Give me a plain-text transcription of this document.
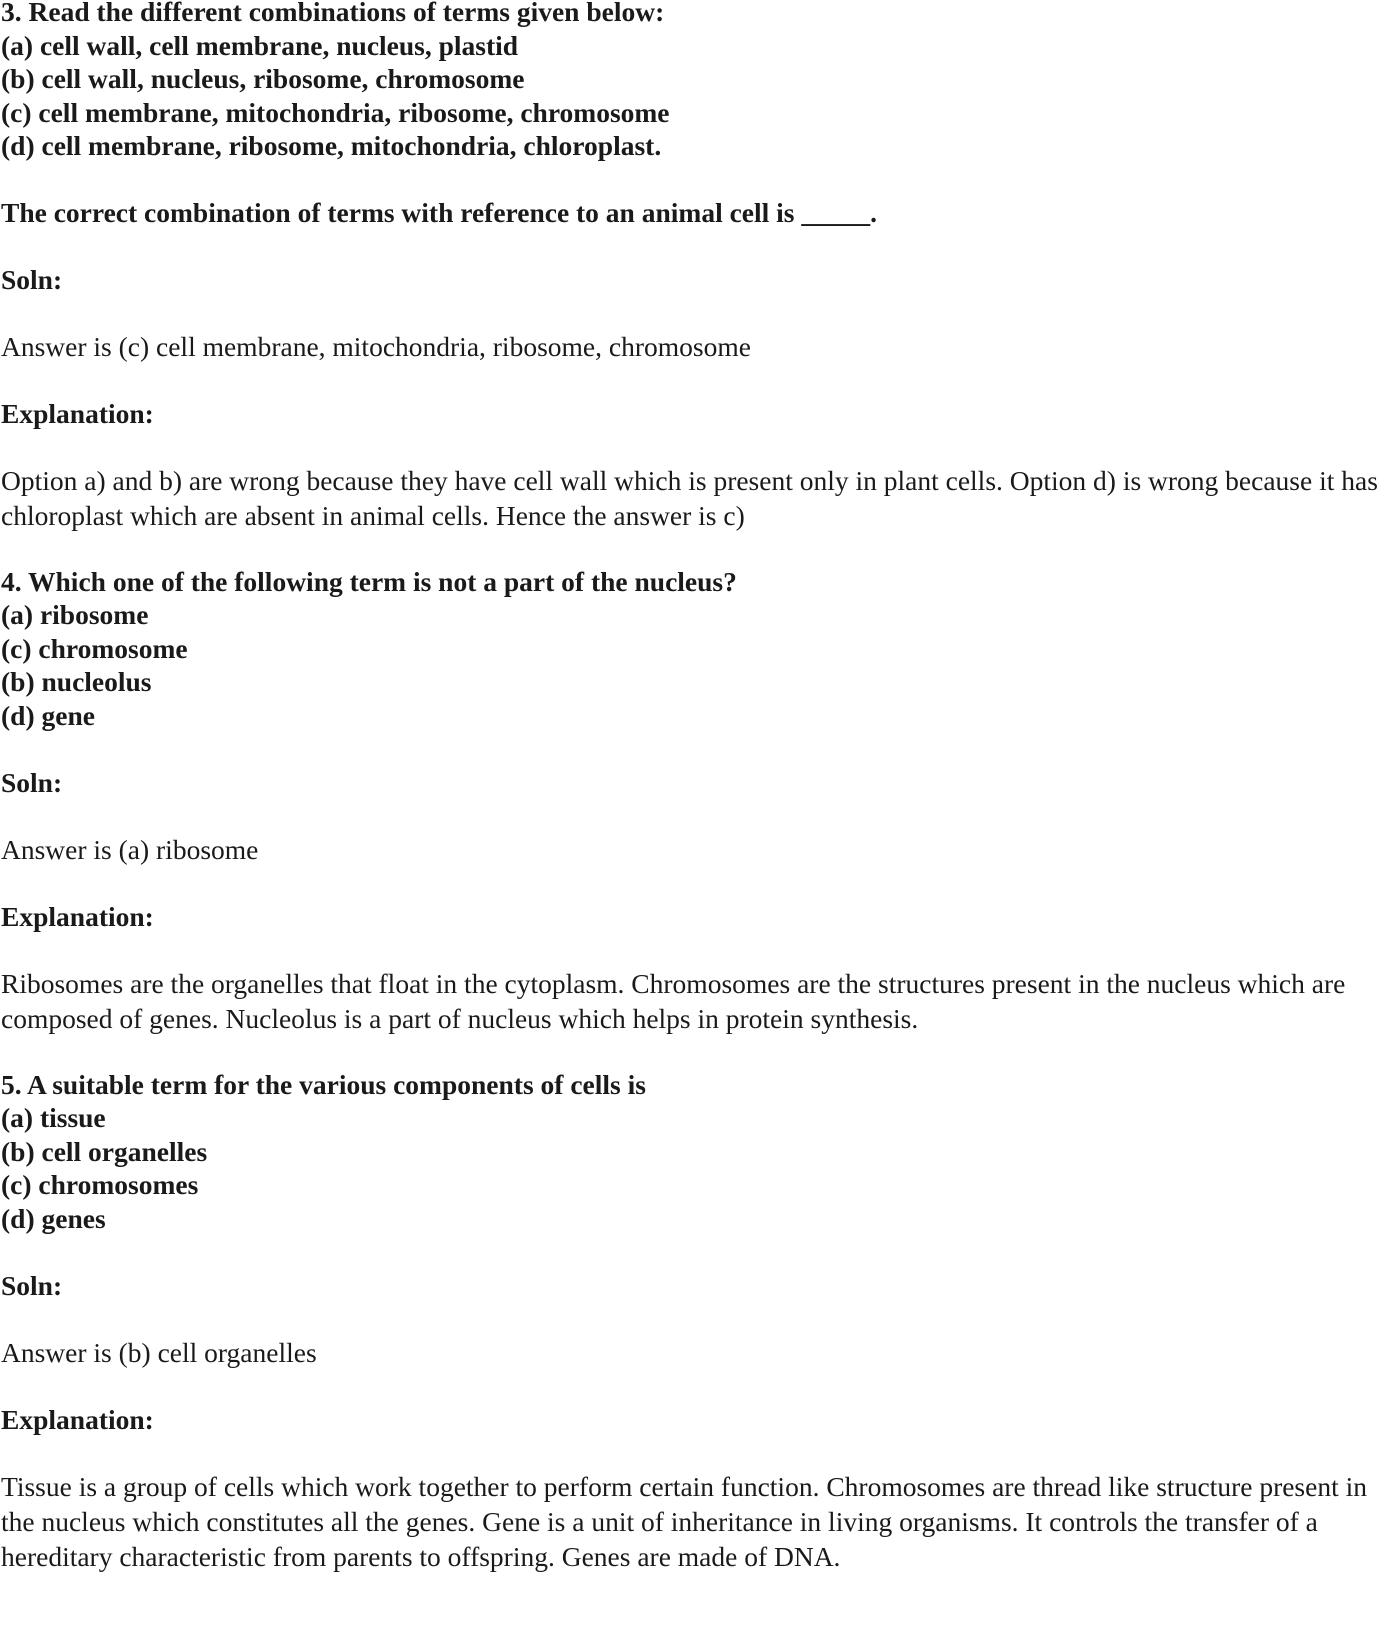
3. Read the different combinations of terms given below:
(a) cell wall, cell membrane, nucleus, plastid
(b) cell wall, nucleus, ribosome, chromosome
(c) cell membrane, mitochondria, ribosome, chromosome
(d) cell membrane, ribosome, mitochondria, chloroplast.
The correct combination of terms with reference to an animal cell is _____.
Soln:
Answer is (c) cell membrane, mitochondria, ribosome, chromosome
Explanation:
Option a) and b) are wrong because they have cell wall which is present only in plant cells. Option d) is wrong because it has chloroplast which are absent in animal cells. Hence the answer is c)
4. Which one of the following term is not a part of the nucleus?
(a) ribosome
(c) chromosome
(b) nucleolus
(d) gene
Soln:
Answer is (a) ribosome
Explanation:
Ribosomes are the organelles that float in the cytoplasm. Chromosomes are the structures present in the nucleus which are composed of genes. Nucleolus is a part of nucleus which helps in protein synthesis.
5. A suitable term for the various components of cells is
(a) tissue
(b) cell organelles
(c) chromosomes
(d) genes
Soln:
Answer is (b) cell organelles
Explanation:
Tissue is a group of cells which work together to perform certain function. Chromosomes are thread like structure present in the nucleus which constitutes all the genes. Gene is a unit of inheritance in living organisms. It controls the transfer of a hereditary characteristic from parents to offspring. Genes are made of DNA.
